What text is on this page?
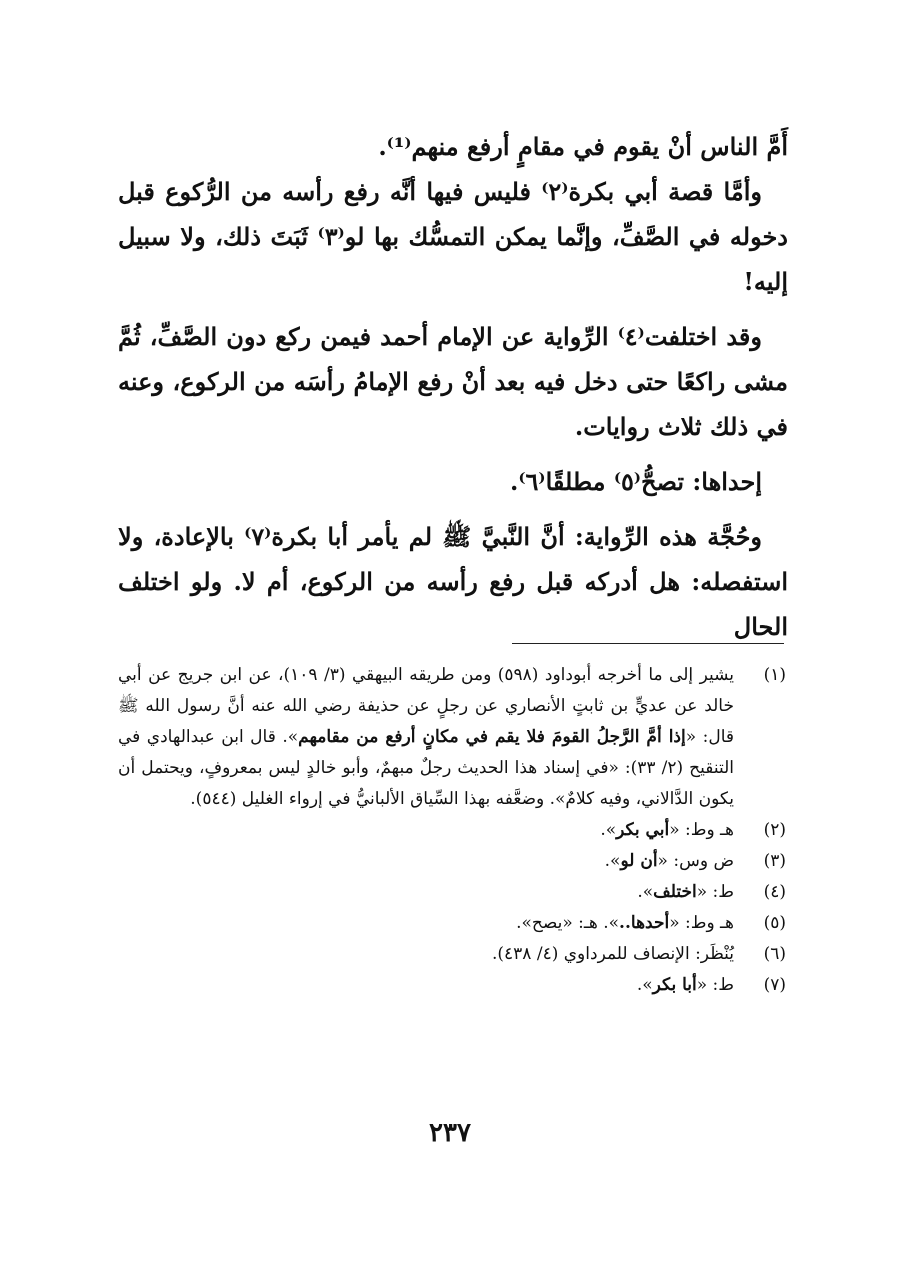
أَمَّ الناس أنْ يقوم في مقامٍ أرفع منهم⁽¹⁾.

وأمَّا قصة أبي بكرة⁽٢⁾ فليس فيها أنَّه رفع رأسه من الرُّكوع قبل دخوله في الصَّفِّ، وإنَّما يمكن التمسُّك بها لو⁽٣⁾ ثَبَتَ ذلك، ولا سبيل إليه!

وقد اختلفت⁽٤⁾ الرِّواية عن الإمام أحمد فيمن ركع دون الصَّفِّ، ثُمَّ مشى راكعًا حتى دخل فيه بعد أنْ رفع الإمامُ رأسَه من الركوع، وعنه في ذلك ثلاث روايات.

إحداها: تصحُّ⁽٥⁾ مطلقًا⁽٦⁾.

وحُجَّة هذه الرِّواية: أنَّ النَّبيَّ ﷺ لم يأمر أبا بكرة⁽٧⁾ بالإعادة، ولا استفصله: هل أدركه قبل رفع رأسه من الركوع، أم لا. ولو اختلف الحال

(١)
يشير إلى ما أخرجه أبوداود (٥٩٨) ومن طريقه البيهقي (٣/ ١٠٩)، عن ابن جريج عن أبي خالد عن عديٍّ بن ثابتٍ الأنصاري عن رجلٍ عن حذيفة رضي الله عنه أنَّ رسول الله ﷺ قال: «إذا أمَّ الرَّجلُ القومَ فلا يقم في مكانٍ أرفع من مقامهم». قال ابن عبدالهادي في التنقيح (٢/ ٣٣): «في إسناد هذا الحديث رجلٌ مبهمٌ، وأبو خالدٍ ليس بمعروفٍ، ويحتمل أن يكون الدَّالاني، وفيه كلامٌ». وضعَّفه بهذا السِّياق الألبانيُّ في إرواء الغليل (٥٤٤).
(٢)
هـ وط: «أبي بكر».
(٣)
ض وس: «أن لو».
(٤)
ط: «اختلف».
(٥)
هـ وط: «أحدها..». هـ: «يصح».
(٦)
يُنْظَر: الإنصاف للمرداوي (٤/ ٤٣٨).
(٧)
ط: «أبا بكر».
٢٣٧
